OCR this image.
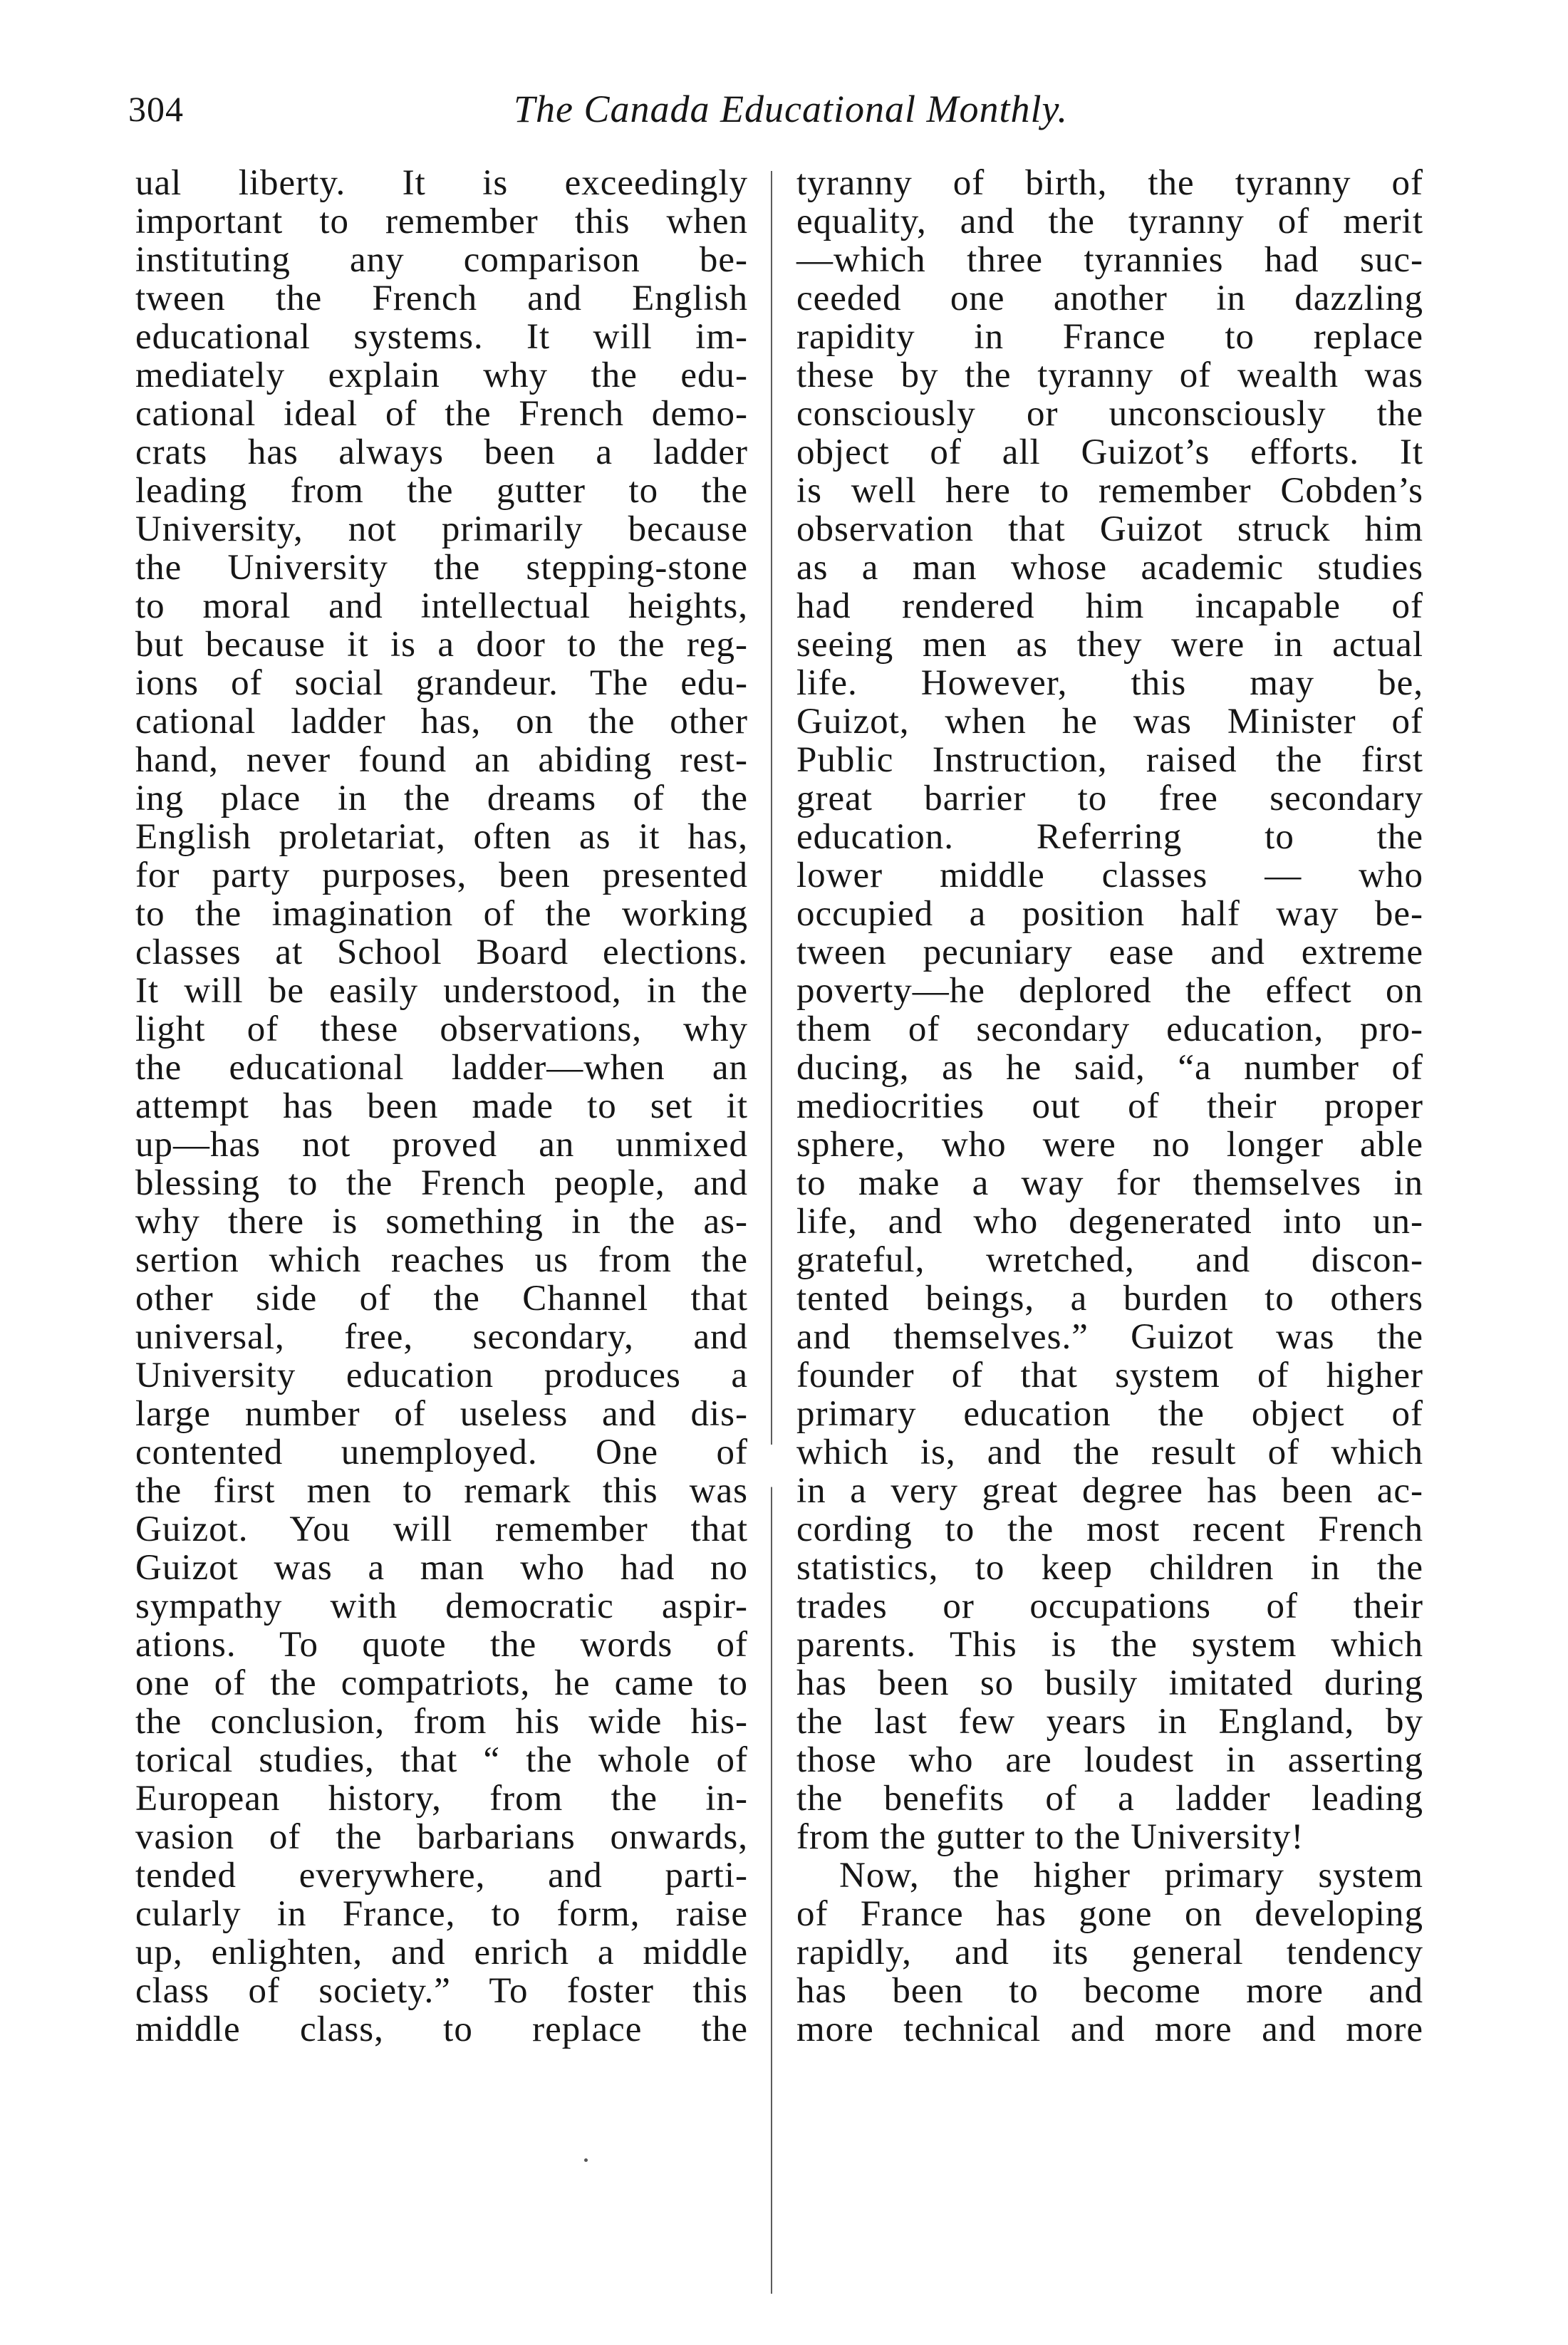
304	The Canada Educational Monthly.
ual liberty. It is exceedingly
important to remember this when
instituting any comparison be-
tween the French and English
educational systems. It will im-
mediately explain why the edu-
cational ideal of the French demo-
crats has always been a ladder
leading from the gutter to the
University, not primarily because
the University the stepping-stone
to moral and intellectual heights,
but because it is a door to the reg-
ions of social grandeur. The edu-
cational ladder has, on the other
hand, never found an abiding rest-
ing place in the dreams of the
English proletariat, often as it has,
for party purposes, been presented
to the imagination of the working
classes at School Board elections.
It will be easily understood, in the
light of these observations, why
the educational ladder—when an
attempt has been made to set it
up—has not proved an unmixed
blessing to the French people, and
why there is something in the as-
sertion which reaches us from the
other side of the Channel that
universal, free, secondary, and
University education produces a
large number of useless and dis-
contented unemployed. One of
the first men to remark this was
Guizot. You will remember that
Guizot was a man who had no
sympathy with democratic aspir-
ations. To quote the words of
one of the compatriots, he came to
the conclusion, from his wide his-
torical studies, that “ the whole of
European history, from the in-
vasion of the barbarians onwards,
tended everywhere, and parti-
cularly in France, to form, raise
up, enlighten, and enrich a middle
class of society.” To foster this
middle class, to replace the
tyranny of birth, the tyranny of
equality, and the tyranny of merit
—which three tyrannies had suc-
ceeded one another in dazzling
rapidity in France to replace
these by the tyranny of wealth was
consciously or unconsciously the
object of all Guizot’s efforts. It
is well here to remember Cobden’s
observation that Guizot struck him
as a man whose academic studies
had rendered him incapable of
seeing men as they were in actual
life. However, this may be,
Guizot, when he was Minister of
Public Instruction, raised the first
great barrier to free secondary
education. Referring to the
lower middle classes — who
occupied a position half way be-
tween pecuniary ease and extreme
poverty—he deplored the effect on
them of secondary education, pro-
ducing, as he said, “a number of
mediocrities out of their proper
sphere, who were no longer able
to make a way for themselves in
life, and who degenerated into un-
grateful, wretched, and discon-
tented beings, a burden to others
and themselves.” Guizot was the
founder of that system of higher
primary education the object of
which is, and the result of which
in a very great degree has been ac-
cording to the most recent French
statistics, to keep children in the
trades or occupations of their
parents. This is the system which
has been so busily imitated during
the last few years in England, by
those who are loudest in asserting
the benefits of a ladder leading
from the gutter to the University!
Now, the higher primary system
of France has gone on developing
rapidly, and its general tendency
has been to become more and
more technical and more and more
